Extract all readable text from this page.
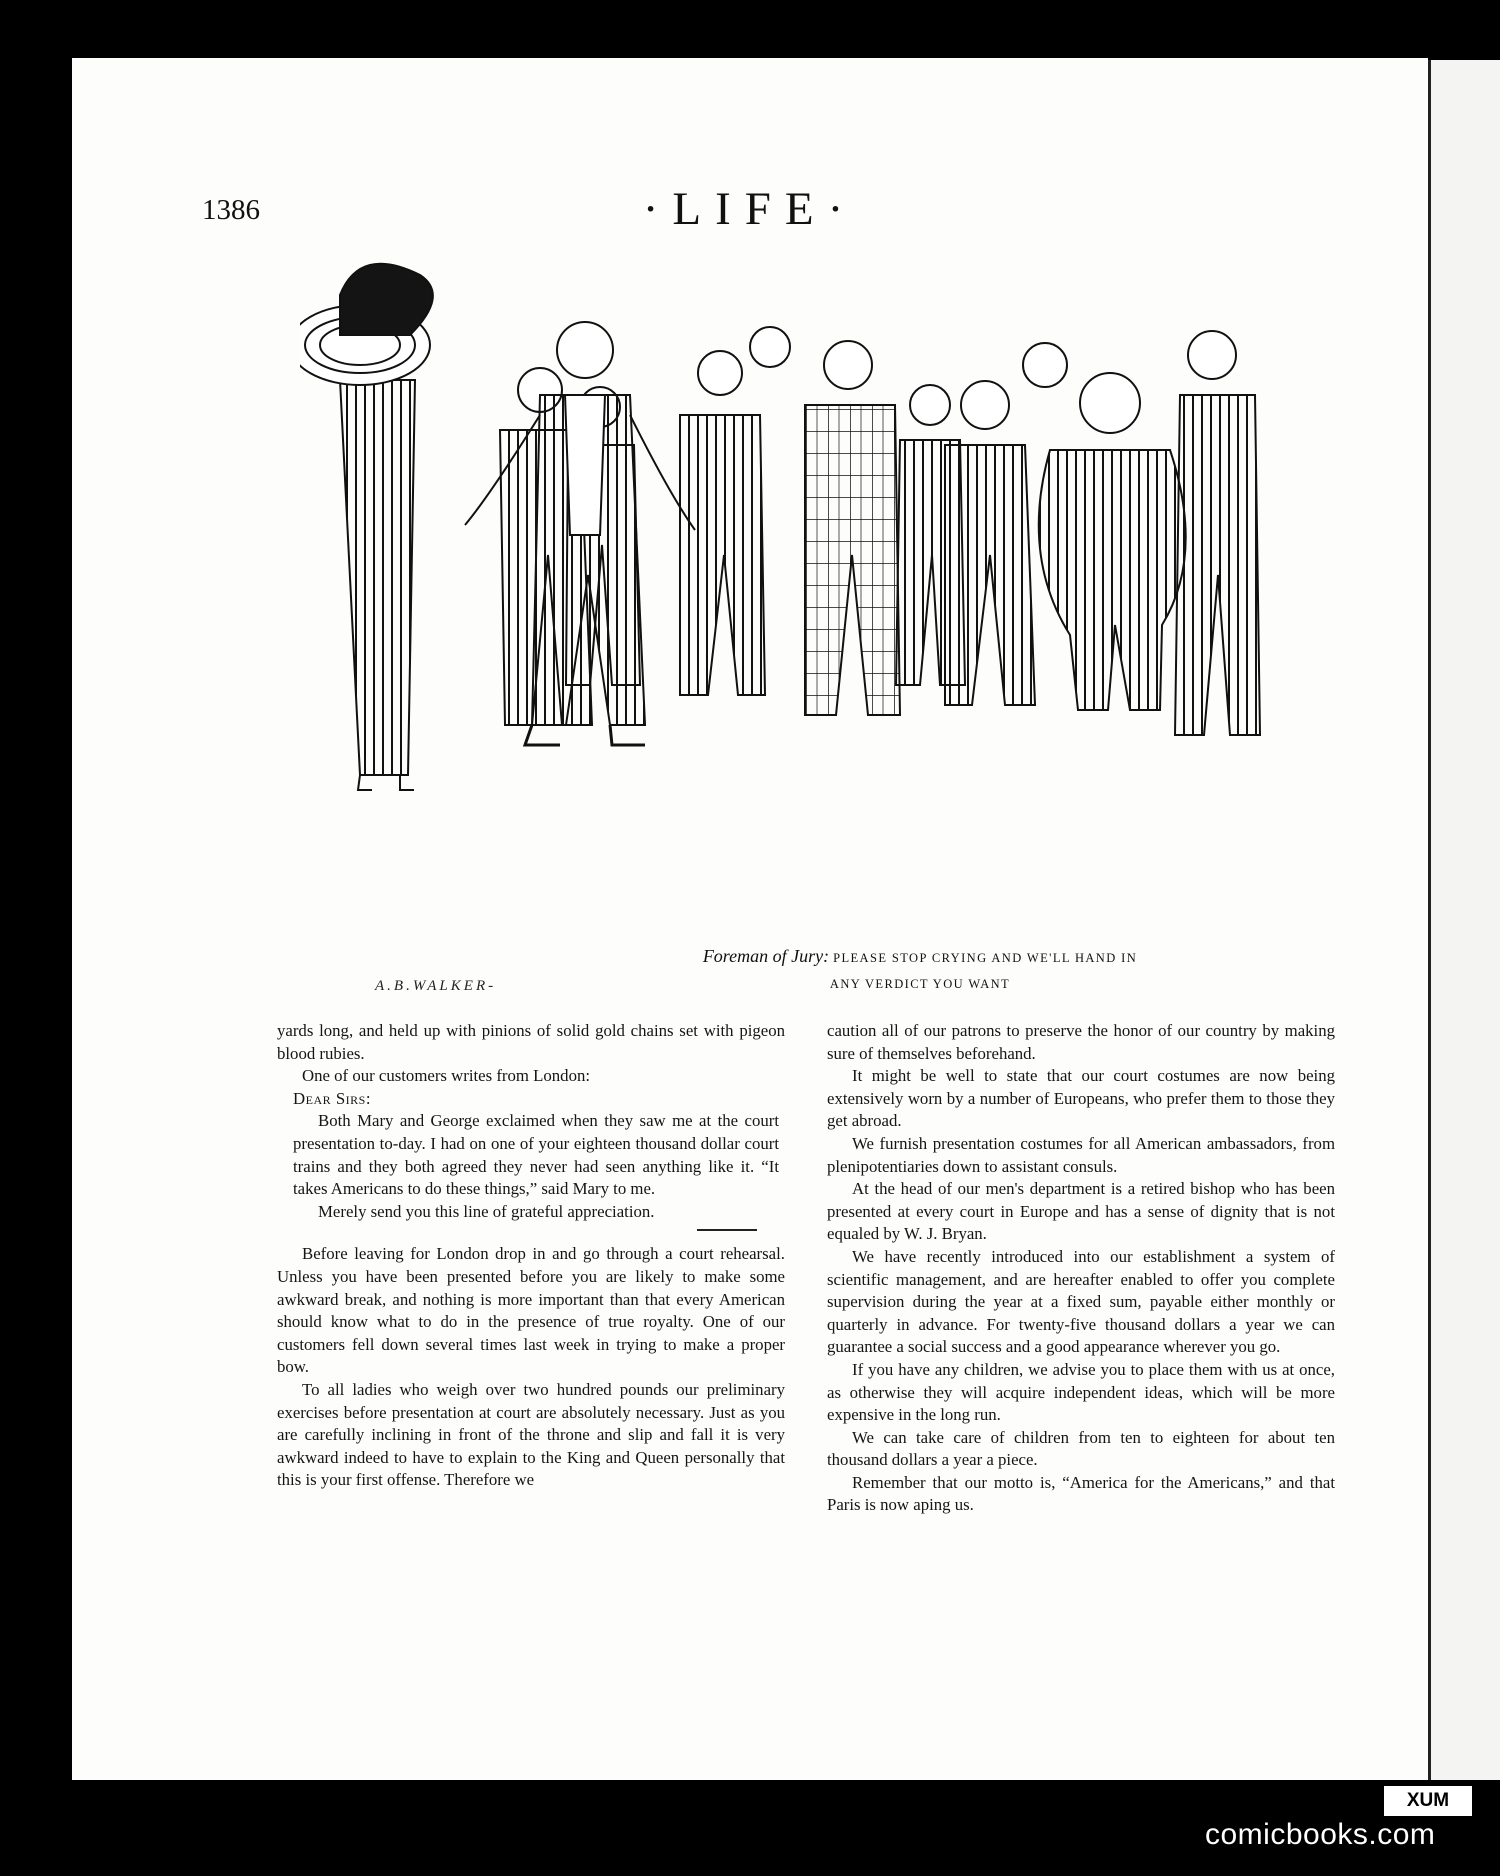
1386	·LIFE·
Foreman of Jury: PLEASE STOP CRYING AND WE'LL HAND IN
ANY VERDICT YOU WANT
A.B.WALKER-

yards long, and held up with pinions of solid gold chains set with pigeon blood rubies.

One of our customers writes from London:

Dear Sirs:

Both Mary and George exclaimed when they saw me at the court presentation to-day. I had on one of your eighteen thousand dollar court trains and they both agreed they never had seen anything like it. “It takes Americans to do these things,” said Mary to me.

Merely send you this line of grateful appreciation.

Before leaving for London drop in and go through a court rehearsal. Unless you have been presented before you are likely to make some awkward break, and nothing is more important than that every American should know what to do in the presence of true royalty. One of our customers fell down several times last week in trying to make a proper bow.

To all ladies who weigh over two hundred pounds our preliminary exercises before presentation at court are absolutely necessary. Just as you are carefully inclining in front of the throne and slip and fall it is very awkward indeed to have to explain to the King and Queen personally that this is your first offense. Therefore we

caution all of our patrons to preserve the honor of our country by making sure of themselves beforehand.

It might be well to state that our court costumes are now being extensively worn by a number of Europeans, who prefer them to those they get abroad.

We furnish presentation costumes for all American ambassadors, from plenipotentiaries down to assistant consuls.

At the head of our men's department is a retired bishop who has been presented at every court in Europe and has a sense of dignity that is not equaled by W. J. Bryan.

We have recently introduced into our establishment a system of scientific management, and are hereafter enabled to offer you complete supervision during the year at a fixed sum, payable either monthly or quarterly in advance. For twenty-five thousand dollars a year we can guarantee a social success and a good appearance wherever you go.

If you have any children, we advise you to place them with us at once, as otherwise they will acquire independent ideas, which will be more expensive in the long run.

We can take care of children from ten to eighteen for about ten thousand dollars a year a piece.

Remember that our motto is, “America for the Americans,” and that Paris is now aping us.

XUM
comicbooks.com
